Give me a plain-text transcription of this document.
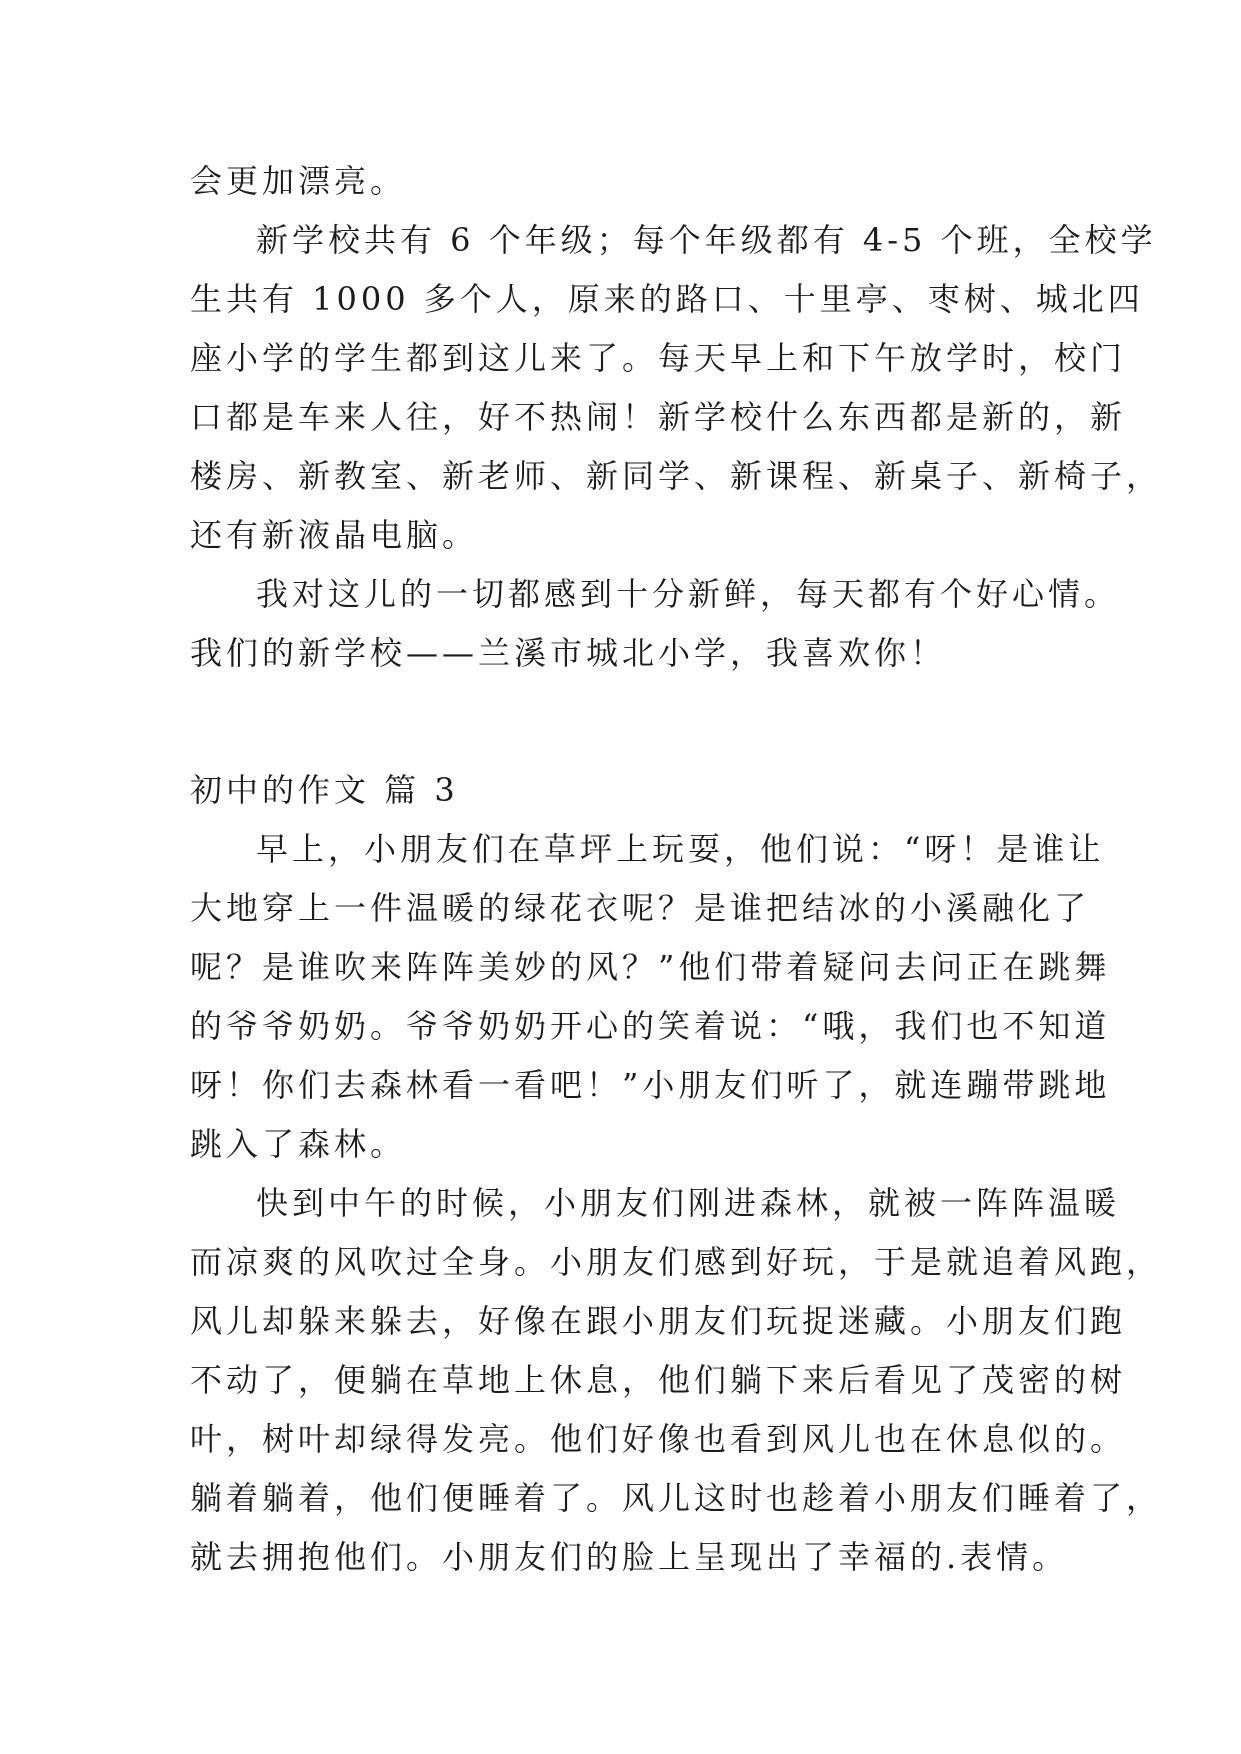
会更加漂亮。
新学校共有 6 个年级；每个年级都有 4-5 个班，全校学
生共有 1000 多个人，原来的路口、十里亭、枣树、城北四
座小学的学生都到这儿来了。每天早上和下午放学时，校门
口都是车来人往，好不热闹！新学校什么东西都是新的，新
楼房、新教室、新老师、新同学、新课程、新桌子、新椅子，
还有新液晶电脑。
我对这儿的一切都感到十分新鲜，每天都有个好心情。
我们的新学校——兰溪市城北小学，我喜欢你！
初中的作文 篇 3
早上，小朋友们在草坪上玩耍，他们说：“呀！是谁让
大地穿上一件温暖的绿花衣呢？是谁把结冰的小溪融化了
呢？是谁吹来阵阵美妙的风？”他们带着疑问去问正在跳舞
的爷爷奶奶。爷爷奶奶开心的笑着说：“哦，我们也不知道
呀！你们去森林看一看吧！”小朋友们听了，就连蹦带跳地
跳入了森林。
快到中午的时候，小朋友们刚进森林，就被一阵阵温暖
而凉爽的风吹过全身。小朋友们感到好玩，于是就追着风跑，
风儿却躲来躲去，好像在跟小朋友们玩捉迷藏。小朋友们跑
不动了，便躺在草地上休息，他们躺下来后看见了茂密的树
叶，树叶却绿得发亮。他们好像也看到风儿也在休息似的。
躺着躺着，他们便睡着了。风儿这时也趁着小朋友们睡着了，
就去拥抱他们。小朋友们的脸上呈现出了幸福的.表情。
